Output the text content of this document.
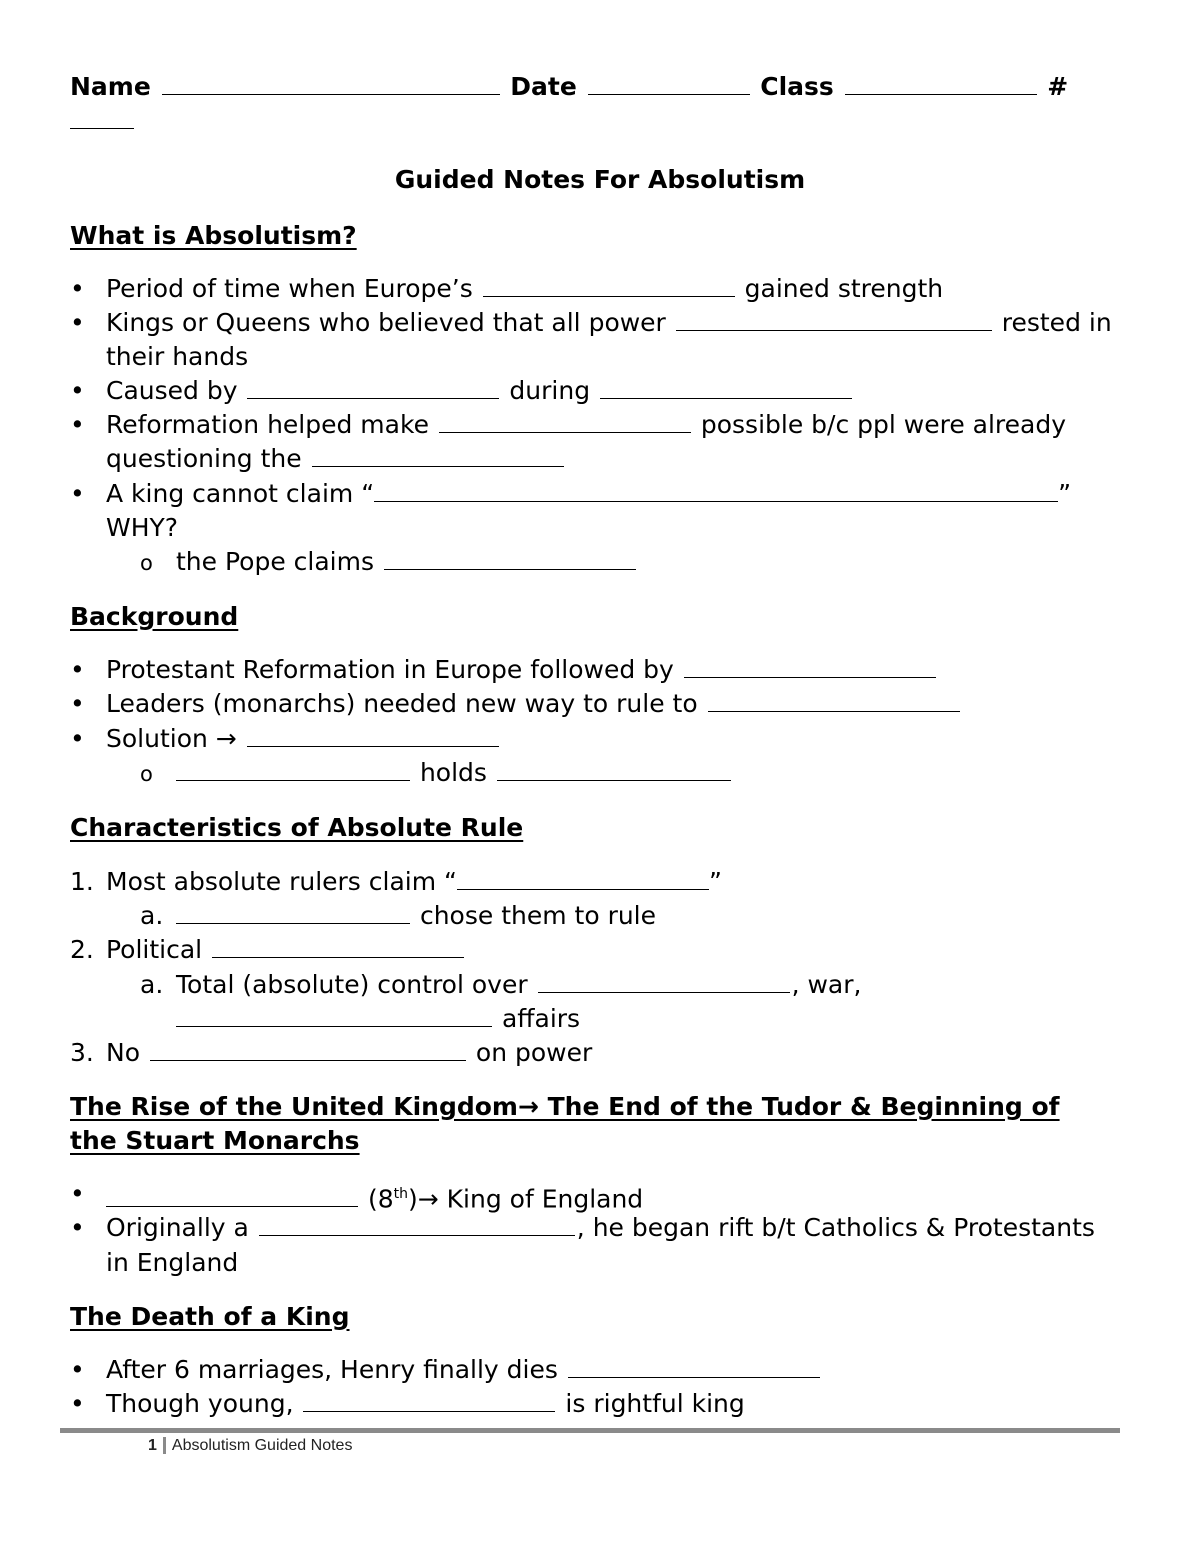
Name	Date	Class	#
Guided Notes For Absolutism
What is Absolutism?
•
Period of time when Europe’s	gained strength
•
Kings or Queens who believed that all power	rested in
their hands
•
Caused by	during
•
Reformation helped make	possible b/c ppl were already
questioning the
•
A king cannot claim “	”
WHY?
o
the Pope claims
Background
•
Protestant Reformation in Europe followed by
•
Leaders (monarchs) needed new way to rule to
•
Solution →
o
holds
Characteristics of Absolute Rule
1. Most absolute rulers claim “	”
a.	chose them to rule
2. Political
a. Total (absolute) control over	, war,
affairs
3. No	on power
The Rise of the United Kingdom→ The End of the Tudor & Beginning of
the Stuart Monarchs
•
(8th)→ King of England
•
Originally a	, he began rift b/t Catholics & Protestants
in England
The Death of a King
•
After 6 marriages, Henry finally dies
•
Though young,	is rightful king
1 Absolutism Guided Notes
